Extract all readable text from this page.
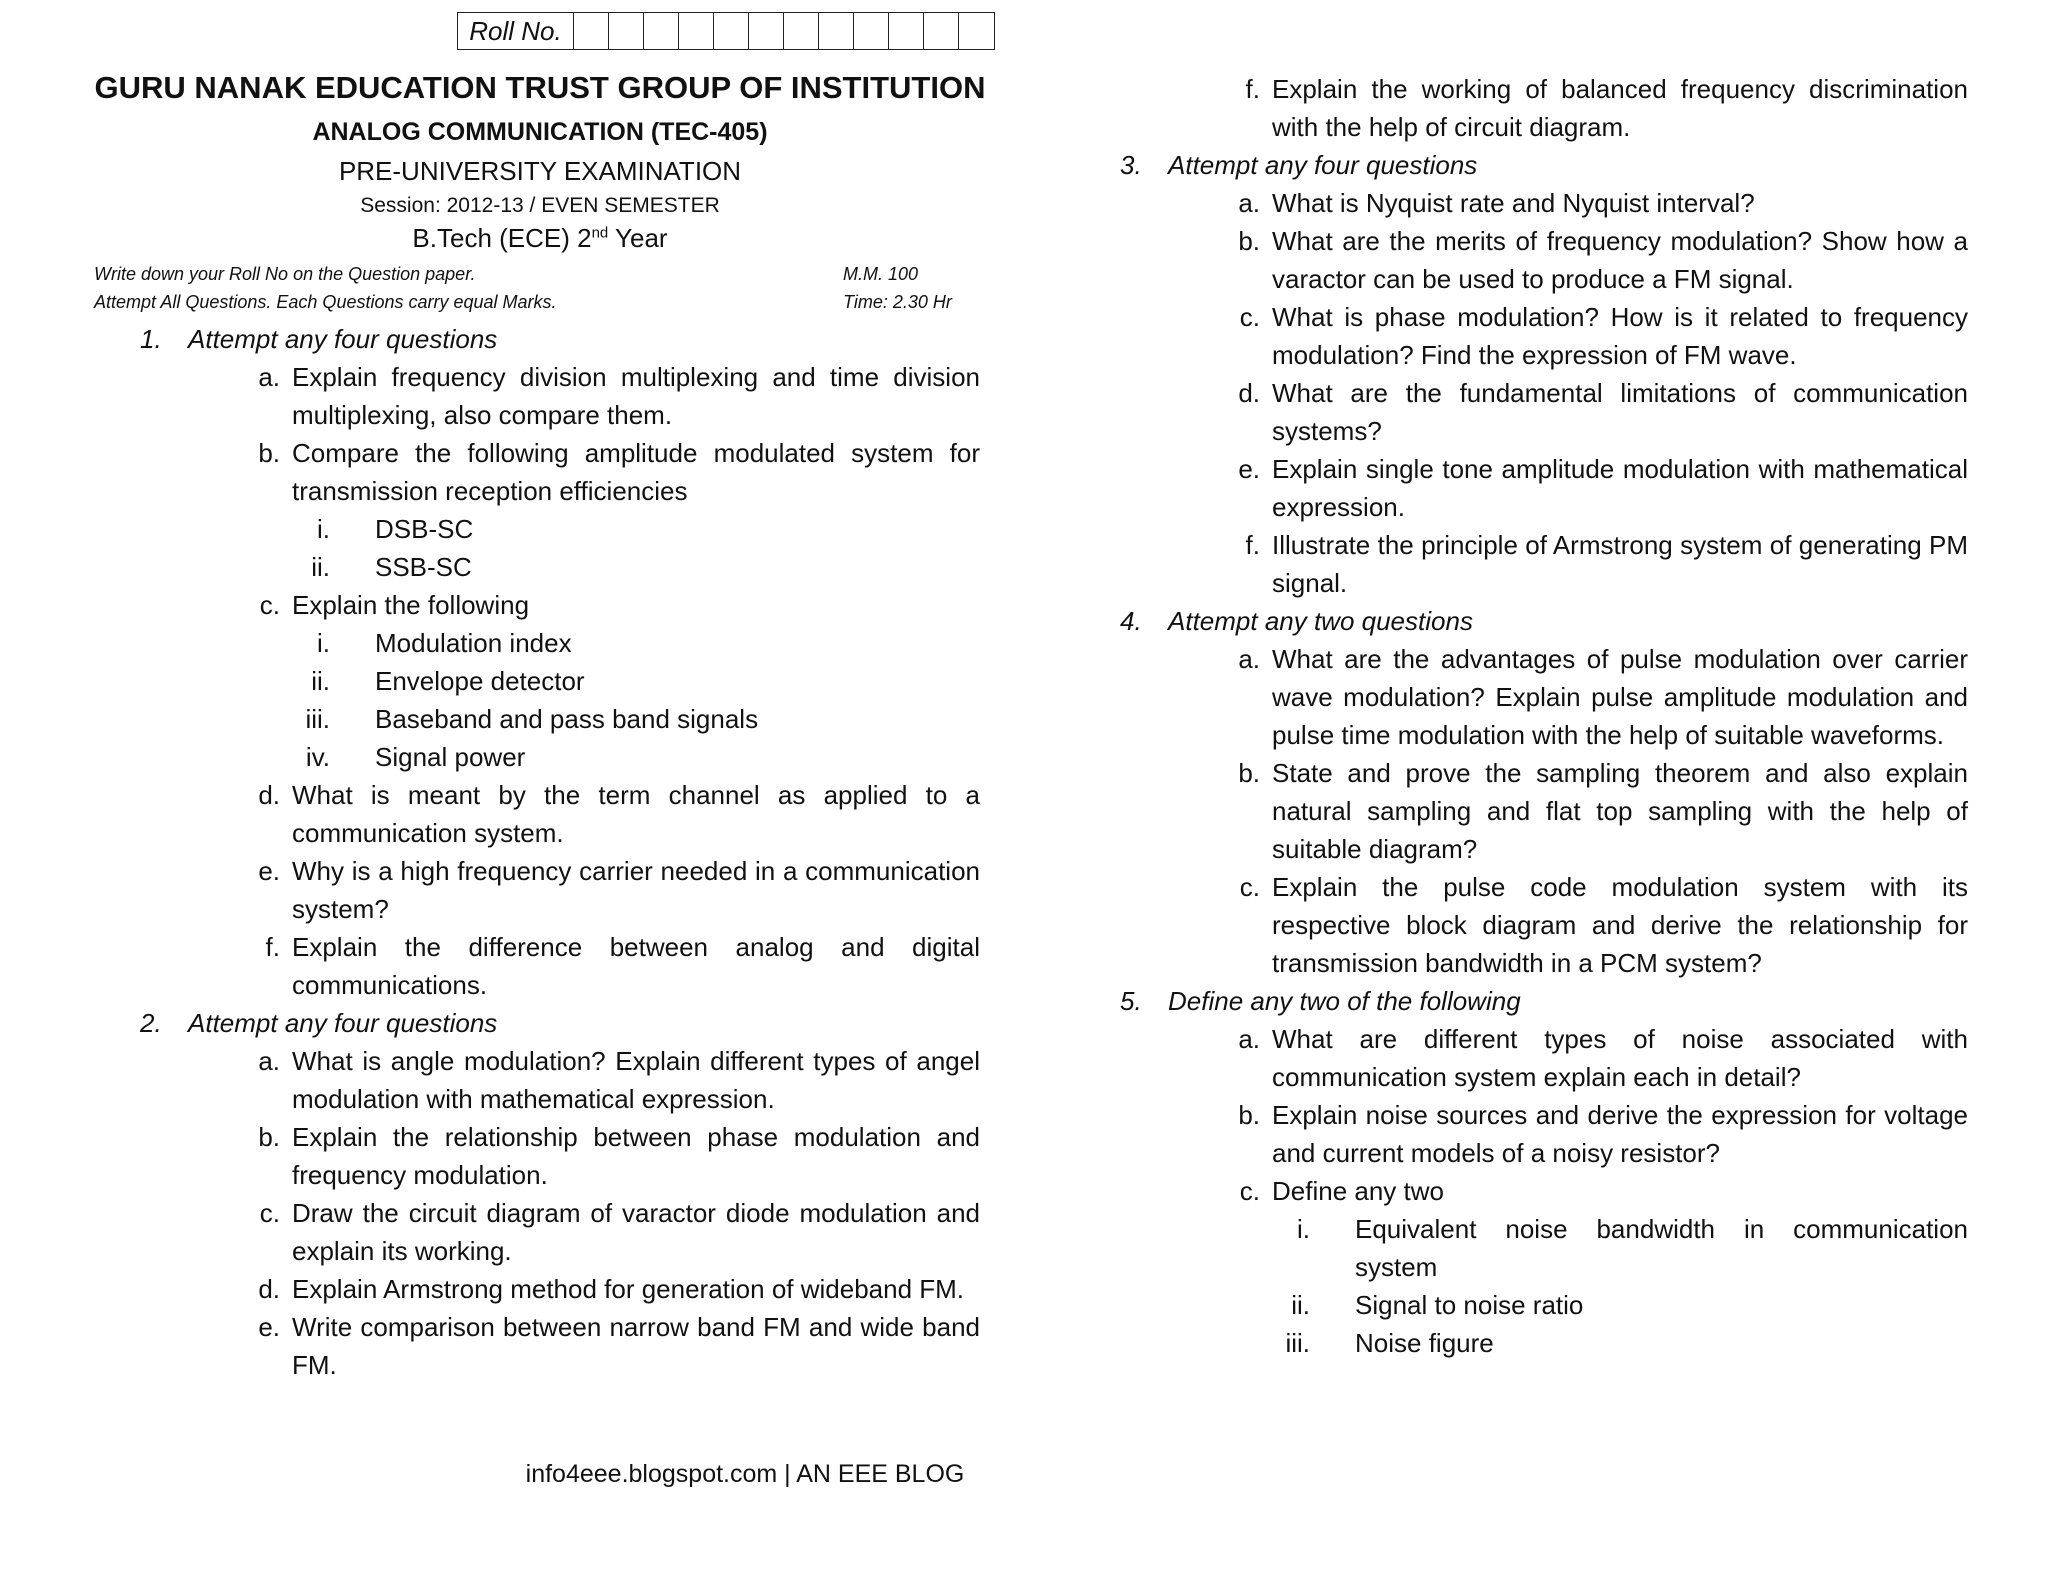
Roll No.
GURU NANAK EDUCATION TRUST GROUP OF INSTITUTION
ANALOG COMMUNICATION (TEC-405)
PRE-UNIVERSITY EXAMINATION
Session: 2012-13 / EVEN SEMESTER
B.Tech (ECE) 2nd Year
Write down your Roll No on the Question paper.
Attempt All Questions. Each Questions carry equal Marks.
M.M. 100
Time: 2.30 Hr
1.	Attempt any four questions
a. Explain frequency division multiplexing and time division multiplexing, also compare them.
b. Compare the following amplitude modulated system for transmission reception efficiencies
i. DSB-SC
ii. SSB-SC
c. Explain the following
i. Modulation index
ii. Envelope detector
iii. Baseband and pass band signals
iv. Signal power
d. What is meant by the term channel as applied to a communication system.
e. Why is a high frequency carrier needed in a communication system?
f. Explain the difference between analog and digital communications.
2.	Attempt any four questions
a. What is angle modulation? Explain different types of angel modulation with mathematical expression.
b. Explain the relationship between phase modulation and frequency modulation.
c. Draw the circuit diagram of varactor diode modulation and explain its working.
d. Explain Armstrong method for generation of wideband FM.
e. Write comparison between narrow band FM and wide band FM.
f. Explain the working of balanced frequency discrimination with the help of circuit diagram.
3.	Attempt any four questions
a. What is Nyquist rate and Nyquist interval?
b. What are the merits of frequency modulation? Show how a varactor can be used to produce a FM signal.
c. What is phase modulation? How is it related to frequency modulation? Find the expression of FM wave.
d. What are the fundamental limitations of communication systems?
e. Explain single tone amplitude modulation with mathematical expression.
f. Illustrate the principle of Armstrong system of generating PM signal.
4.	Attempt any two questions
a. What are the advantages of pulse modulation over carrier wave modulation? Explain pulse amplitude modulation and pulse time modulation with the help of suitable waveforms.
b. State and prove the sampling theorem and also explain natural sampling and flat top sampling with the help of suitable diagram?
c. Explain the pulse code modulation system with its respective block diagram and derive the relationship for transmission bandwidth in a PCM system?
5.	Define any two of the following
a. What are different types of noise associated with communication system explain each in detail?
b. Explain noise sources and derive the expression for voltage and current models of a noisy resistor?
c. Define any two
i. Equivalent noise bandwidth in communication system
ii. Signal to noise ratio
iii. Noise figure
info4eee.blogspot.com | AN EEE BLOG
